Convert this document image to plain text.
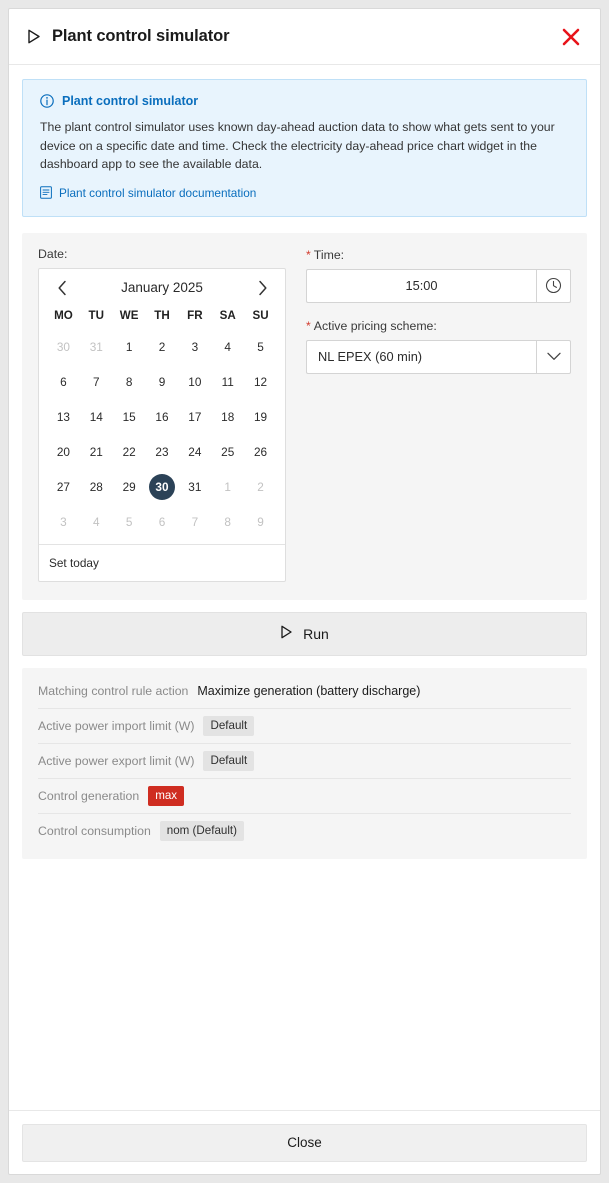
Plant control simulator
Plant control simulator

The plant control simulator uses known day-ahead auction data to show what gets sent to your device on a specific date and time. Check the electricity day-ahead price chart widget in the dashboard app to see the available data.

Plant control simulator documentation
Date:
January 2025
MO	TU	WE	TH	FR	SA	SU
30	31	1	2	3	4	5
6	7	8	9	10	11	12
13	14	15	16	17	18	19
20	21	22	23	24	25	26
27	28	29	30	31	1	2
3	4	5	6	7	8	9
Set today
* Time:
15:00
* Active pricing scheme:
NL EPEX (60 min)
Run
Matching control rule action Maximize generation (battery discharge)
Active power import limit (W)	Default
Active power export limit (W)	Default
Control generation	max
Control consumption	nom (Default)
Close
